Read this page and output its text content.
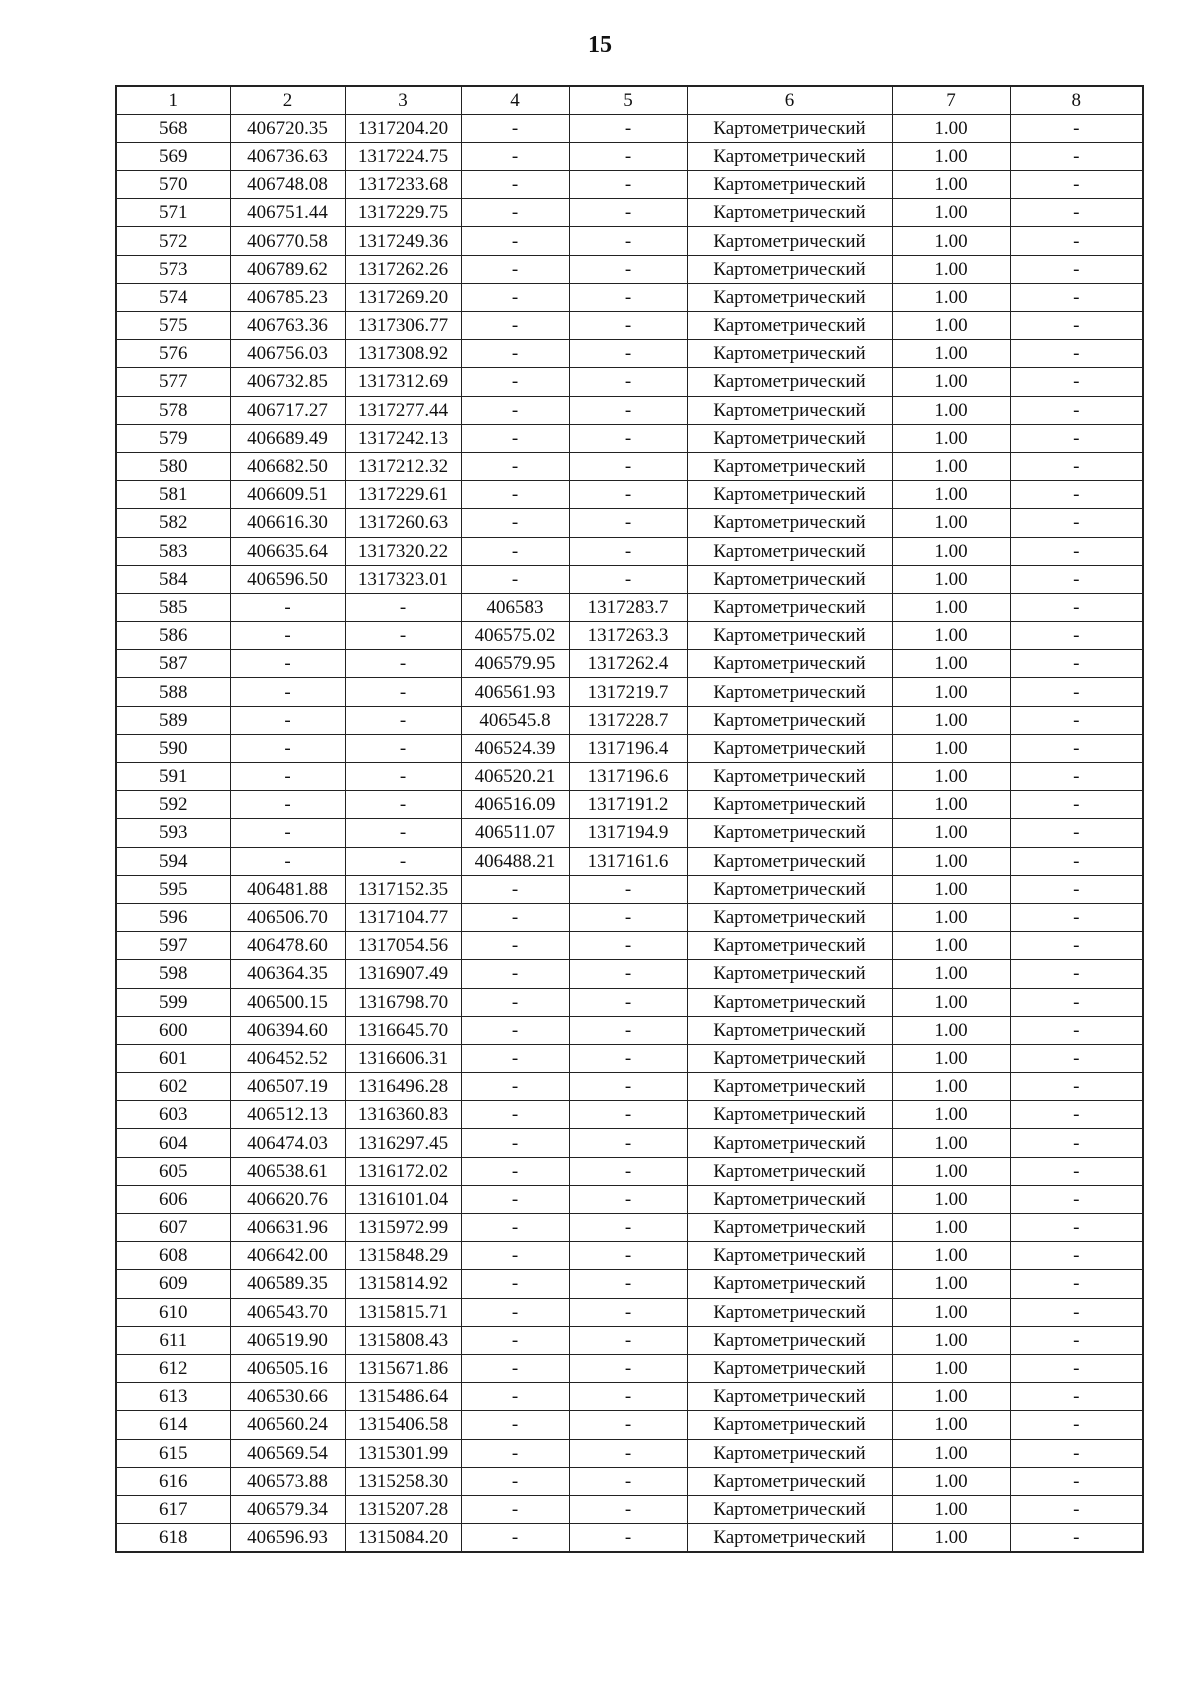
15
1	2	3	4	5	6	7	8
568	406720.35	1317204.20	-	-	Картометрический	1.00	-
569	406736.63	1317224.75	-	-	Картометрический	1.00	-
570	406748.08	1317233.68	-	-	Картометрический	1.00	-
571	406751.44	1317229.75	-	-	Картометрический	1.00	-
572	406770.58	1317249.36	-	-	Картометрический	1.00	-
573	406789.62	1317262.26	-	-	Картометрический	1.00	-
574	406785.23	1317269.20	-	-	Картометрический	1.00	-
575	406763.36	1317306.77	-	-	Картометрический	1.00	-
576	406756.03	1317308.92	-	-	Картометрический	1.00	-
577	406732.85	1317312.69	-	-	Картометрический	1.00	-
578	406717.27	1317277.44	-	-	Картометрический	1.00	-
579	406689.49	1317242.13	-	-	Картометрический	1.00	-
580	406682.50	1317212.32	-	-	Картометрический	1.00	-
581	406609.51	1317229.61	-	-	Картометрический	1.00	-
582	406616.30	1317260.63	-	-	Картометрический	1.00	-
583	406635.64	1317320.22	-	-	Картометрический	1.00	-
584	406596.50	1317323.01	-	-	Картометрический	1.00	-
585	-	-	406583	1317283.7	Картометрический	1.00	-
586	-	-	406575.02	1317263.3	Картометрический	1.00	-
587	-	-	406579.95	1317262.4	Картометрический	1.00	-
588	-	-	406561.93	1317219.7	Картометрический	1.00	-
589	-	-	406545.8	1317228.7	Картометрический	1.00	-
590	-	-	406524.39	1317196.4	Картометрический	1.00	-
591	-	-	406520.21	1317196.6	Картометрический	1.00	-
592	-	-	406516.09	1317191.2	Картометрический	1.00	-
593	-	-	406511.07	1317194.9	Картометрический	1.00	-
594	-	-	406488.21	1317161.6	Картометрический	1.00	-
595	406481.88	1317152.35	-	-	Картометрический	1.00	-
596	406506.70	1317104.77	-	-	Картометрический	1.00	-
597	406478.60	1317054.56	-	-	Картометрический	1.00	-
598	406364.35	1316907.49	-	-	Картометрический	1.00	-
599	406500.15	1316798.70	-	-	Картометрический	1.00	-
600	406394.60	1316645.70	-	-	Картометрический	1.00	-
601	406452.52	1316606.31	-	-	Картометрический	1.00	-
602	406507.19	1316496.28	-	-	Картометрический	1.00	-
603	406512.13	1316360.83	-	-	Картометрический	1.00	-
604	406474.03	1316297.45	-	-	Картометрический	1.00	-
605	406538.61	1316172.02	-	-	Картометрический	1.00	-
606	406620.76	1316101.04	-	-	Картометрический	1.00	-
607	406631.96	1315972.99	-	-	Картометрический	1.00	-
608	406642.00	1315848.29	-	-	Картометрический	1.00	-
609	406589.35	1315814.92	-	-	Картометрический	1.00	-
610	406543.70	1315815.71	-	-	Картометрический	1.00	-
611	406519.90	1315808.43	-	-	Картометрический	1.00	-
612	406505.16	1315671.86	-	-	Картометрический	1.00	-
613	406530.66	1315486.64	-	-	Картометрический	1.00	-
614	406560.24	1315406.58	-	-	Картометрический	1.00	-
615	406569.54	1315301.99	-	-	Картометрический	1.00	-
616	406573.88	1315258.30	-	-	Картометрический	1.00	-
617	406579.34	1315207.28	-	-	Картометрический	1.00	-
618	406596.93	1315084.20	-	-	Картометрический	1.00	-
